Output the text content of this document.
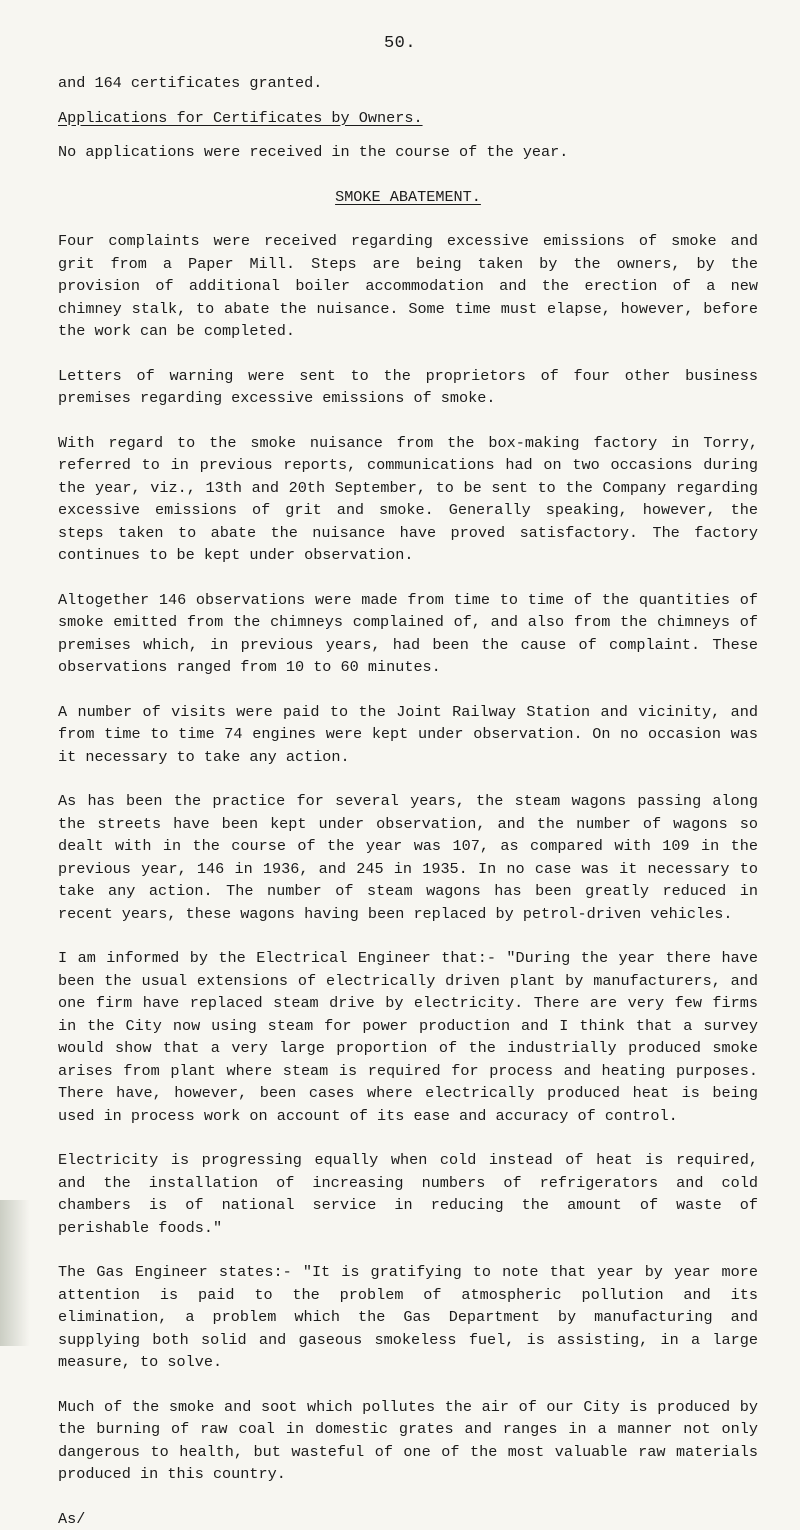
50.

and 164 certificates granted.

Applications for Certificates by Owners.

No applications were received in the course of the year.

SMOKE ABATEMENT.

Four complaints were received regarding excessive emissions of smoke and grit from a Paper Mill. Steps are being taken by the owners, by the provision of additional boiler accommodation and the erection of a new chimney stalk, to abate the nuisance. Some time must elapse, however, before the work can be completed.

Letters of warning were sent to the proprietors of four other business premises regarding excessive emissions of smoke.

With regard to the smoke nuisance from the box-making factory in Torry, referred to in previous reports, communications had on two occasions during the year, viz., 13th and 20th September, to be sent to the Company regarding excessive emissions of grit and smoke. Generally speaking, however, the steps taken to abate the nuisance have proved satisfactory. The factory continues to be kept under observation.

Altogether 146 observations were made from time to time of the quantities of smoke emitted from the chimneys complained of, and also from the chimneys of premises which, in previous years, had been the cause of complaint. These observations ranged from 10 to 60 minutes.

A number of visits were paid to the Joint Railway Station and vicinity, and from time to time 74 engines were kept under observation. On no occasion was it necessary to take any action.

As has been the practice for several years, the steam wagons passing along the streets have been kept under observation, and the number of wagons so dealt with in the course of the year was 107, as compared with 109 in the previous year, 146 in 1936, and 245 in 1935. In no case was it necessary to take any action. The number of steam wagons has been greatly reduced in recent years, these wagons having been replaced by petrol-driven vehicles.

I am informed by the Electrical Engineer that:- "During the year there have been the usual extensions of electrically driven plant by manufacturers, and one firm have replaced steam drive by electricity. There are very few firms in the City now using steam for power production and I think that a survey would show that a very large proportion of the industrially produced smoke arises from plant where steam is required for process and heating purposes. There have, however, been cases where electrically produced heat is being used in process work on account of its ease and accuracy of control.

Electricity is progressing equally when cold instead of heat is required, and the installation of increasing numbers of refrigerators and cold chambers is of national service in reducing the amount of waste of perishable foods."

The Gas Engineer states:- "It is gratifying to note that year by year more attention is paid to the problem of atmospheric pollution and its elimination, a problem which the Gas Department by manufacturing and supplying both solid and gaseous smokeless fuel, is assisting, in a large measure, to solve.

Much of the smoke and soot which pollutes the air of our City is produced by the burning of raw coal in domestic grates and ranges in a manner not only dangerous to health, but wasteful of one of the most valuable raw materials produced in this country.

As/
